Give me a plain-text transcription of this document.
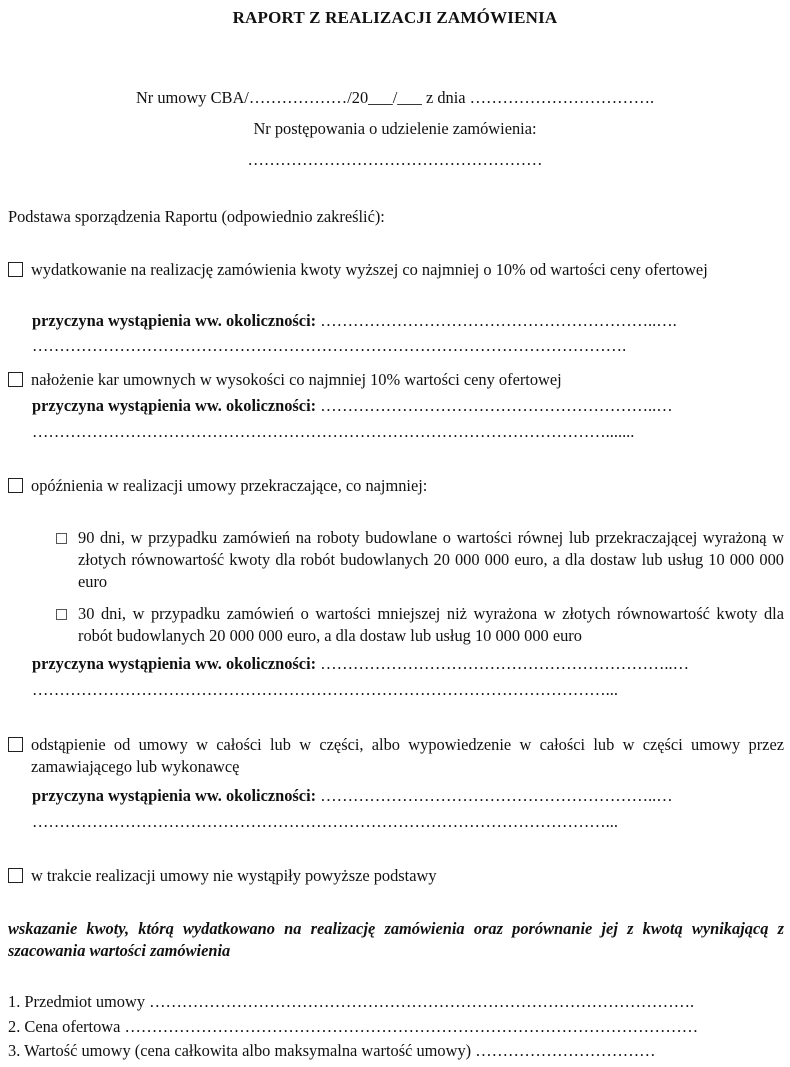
RAPORT Z REALIZACJI ZAMÓWIENIA
Nr umowy CBA/………………/20___/___ z dnia …………………………….
Nr postępowania o udzielenie zamówienia:
………………………………………………
Podstawa sporządzenia Raportu (odpowiednio zakreślić):
wydatkowanie na realizację zamówienia kwoty wyższej co najmniej o 10% od wartości ceny ofertowej
przyczyna wystąpienia ww. okoliczności: ……………………………………………………..….
……………………………………………………………………………………………….
nałożenie kar umownych w wysokości co najmniej 10% wartości ceny ofertowej
przyczyna wystąpienia ww. okoliczności: ……………………………………………………..…
…………………………………………………………………………………………….......
opóźnienia w realizacji umowy przekraczające, co najmniej:
90 dni, w przypadku zamówień na roboty budowlane o wartości równej lub przekraczającej wyrażoną w złotych równowartość kwoty dla robót budowlanych 20 000 000 euro, a dla dostaw lub usług 10 000 000 euro
30 dni, w przypadku zamówień o wartości mniejszej niż wyrażona w złotych równowartość kwoty dla robót budowlanych 20 000 000 euro, a dla dostaw lub usług 10 000 000 euro
przyczyna wystąpienia ww. okoliczności: ………………………………………………………..…
……………………………………………………………………………………………...
odstąpienie od umowy w całości lub w części, albo wypowiedzenie w całości lub w części umowy przez zamawiającego lub wykonawcę
przyczyna wystąpienia ww. okoliczności: ……………………………………………………..…
……………………………………………………………………………………………...
w trakcie realizacji umowy nie wystąpiły powyższe podstawy
wskazanie kwoty, którą wydatkowano na realizację zamówienia oraz porównanie jej z kwotą wynikającą z szacowania wartości zamówienia
1. Przedmiot umowy ……………………………………………………………………………………….
2. Cena ofertowa ……………………………………………………………………………………………
3. Wartość umowy (cena całkowita albo maksymalna wartość umowy) ……………………………
